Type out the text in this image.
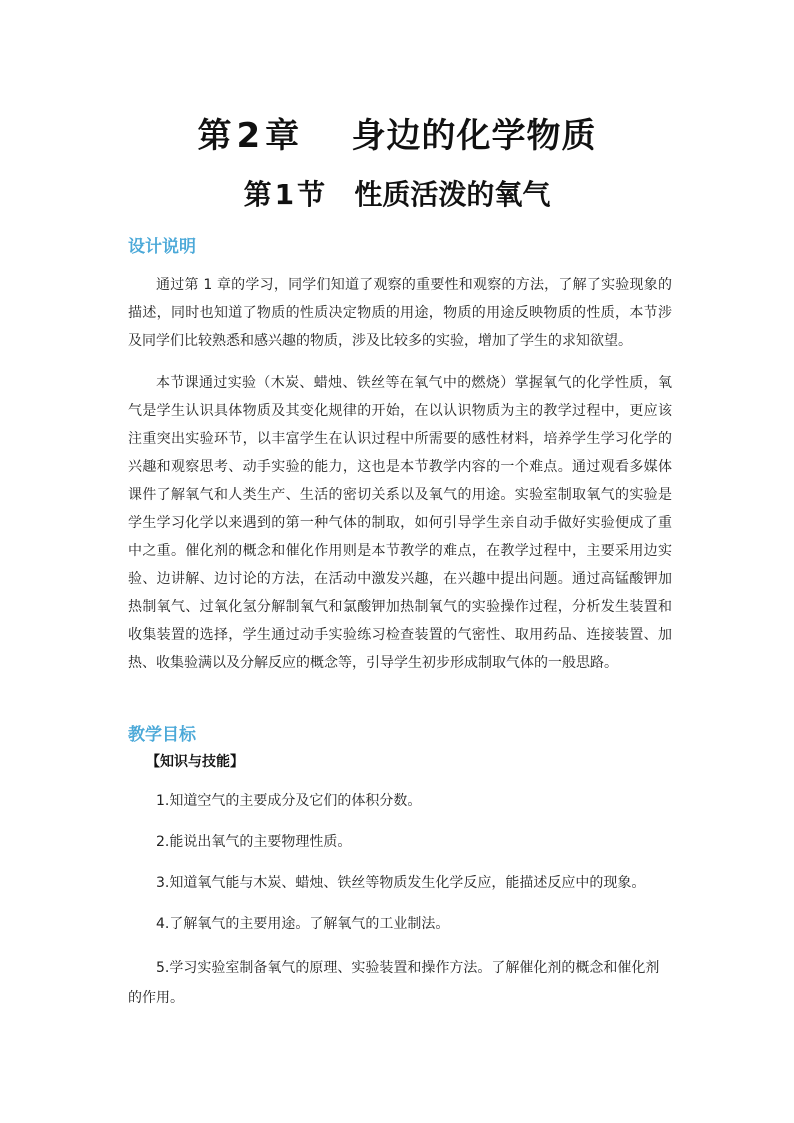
第 2 章 身边的化学物质
第 1 节 性质活泼的氧气
设计说明
通过第 1 章的学习，同学们知道了观察的重要性和观察的方法，了解了实验现象的描述，同时也知道了物质的性质决定物质的用途，物质的用途反映物质的性质，本节涉及同学们比较熟悉和感兴趣的物质，涉及比较多的实验，增加了学生的求知欲望。
本节课通过实验（木炭、蜡烛、铁丝等在氧气中的燃烧）掌握氧气的化学性质，氧气是学生认识具体物质及其变化规律的开始，在以认识物质为主的教学过程中，更应该注重突出实验环节，以丰富学生在认识过程中所需要的感性材料，培养学生学习化学的兴趣和观察思考、动手实验的能力，这也是本节教学内容的一个难点。通过观看多媒体课件了解氧气和人类生产、生活的密切关系以及氧气的用途。实验室制取氧气的实验是学生学习化学以来遇到的第一种气体的制取，如何引导学生亲自动手做好实验便成了重中之重。催化剂的概念和催化作用则是本节教学的难点，在教学过程中，主要采用边实验、边讲解、边讨论的方法，在活动中激发兴趣，在兴趣中提出问题。通过高锰酸钾加热制氧气、过氧化氢分解制氧气和氯酸钾加热制氧气的实验操作过程，分析发生装置和收集装置的选择，学生通过动手实验练习检查装置的气密性、取用药品、连接装置、加热、收集验满以及分解反应的概念等，引导学生初步形成制取气体的一般思路。
教学目标
【知识与技能】
1.知道空气的主要成分及它们的体积分数。
2.能说出氧气的主要物理性质。
3.知道氧气能与木炭、蜡烛、铁丝等物质发生化学反应，能描述反应中的现象。
4.了解氧气的主要用途。了解氧气的工业制法。
5.学习实验室制备氧气的原理、实验装置和操作方法。了解催化剂的概念和催化剂的作用。
